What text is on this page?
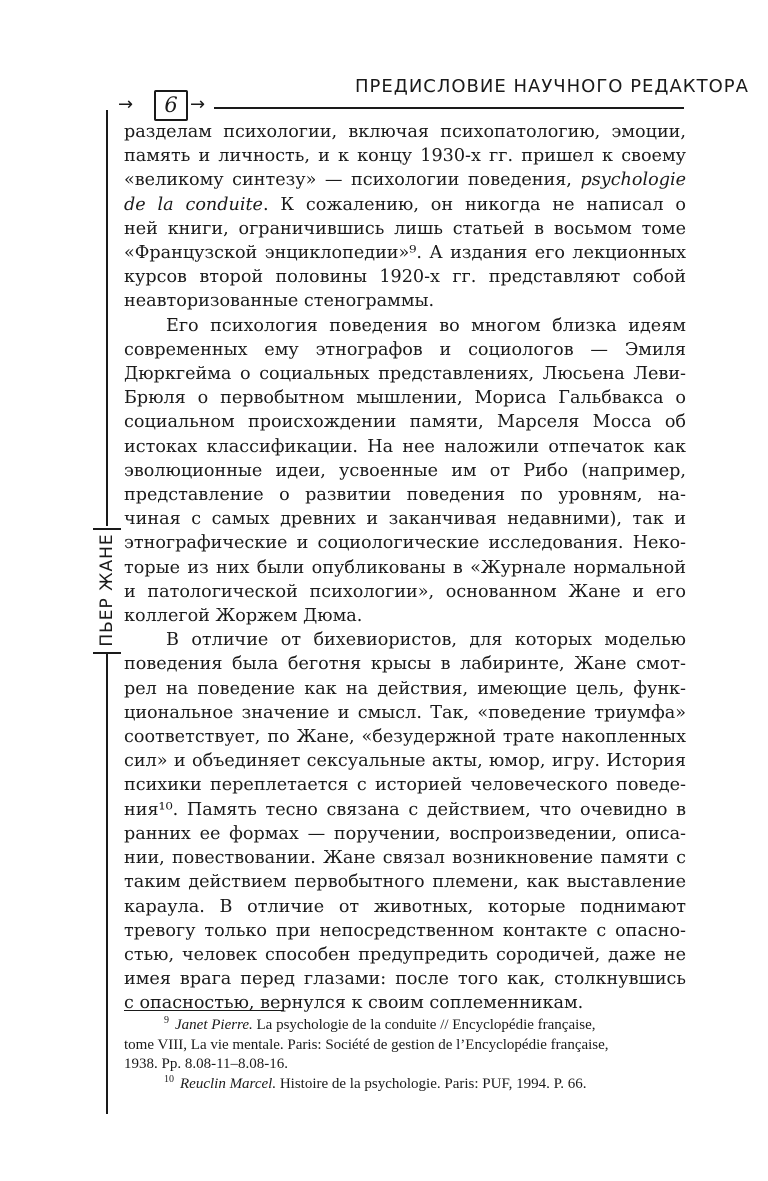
ПРЕДИСЛОВИЕ НАУЧНОГО РЕДАКТОРА
→	6 →
ПЬЕР ЖАНЕ
разделам психологии, включая психопатологию, эмоции,
память и личность, и к концу 1930-х гг. пришел к своему
«великому синтезу» — психологии поведения, psychologie
de la conduite. К сожалению, он никогда не написал о
ней книги, ограничившись лишь статьей в восьмом томе
«Французской энциклопедии»⁹. А издания его лекционных
курсов второй половины 1920-х гг. представляют собой
неавторизованные стенограммы.
Его психология поведения во многом близка идеям
современных ему этнографов и социологов — Эмиля
Дюркгейма о социальных представлениях, Люсьена Леви-
Брюля о первобытном мышлении, Мориса Гальбвакса о
социальном происхождении памяти, Марселя Мосса об
истоках классификации. На нее наложили отпечаток как
эволюционные идеи, усвоенные им от Рибо (например,
представление о развитии поведения по уровням, на-
чиная с самых древних и заканчивая недавними), так и
этнографические и социологические исследования. Неко-
торые из них были опубликованы в «Журнале нормальной
и патологической психологии», основанном Жане и его
коллегой Жоржем Дюма.
В отличие от бихевиористов, для которых моделью
поведения была беготня крысы в лабиринте, Жане смот-
рел на поведение как на действия, имеющие цель, функ-
циональное значение и смысл. Так, «поведение триумфа»
соответствует, по Жане, «безудержной трате накопленных
сил» и объединяет сексуальные акты, юмор, игру. История
психики переплетается с историей человеческого поведе-
ния¹⁰. Память тесно связана с действием, что очевидно в
ранних ее формах — поручении, воспроизведении, описа-
нии, повествовании. Жане связал возникновение памяти с
таким действием первобытного племени, как выставление
караула. В отличие от животных, которые поднимают
тревогу только при непосредственном контакте с опасно-
стью, человек способен предупредить сородичей, даже не
имея врага перед глазами: после того как, столкнувшись
с опасностью, вернулся к своим соплеменникам.
$^9$ Janet Pierre. La psychologie de la conduite // Encyclopédie française,
tome VIII, La vie mentale. Paris: Société de gestion de l’Encyclopédie française,
1938. Pp. 8.08-11–8.08-16.
$^{10}$ Reuclin Marcel. Histoire de la psychologie. Paris: PUF, 1994. P. 66.
